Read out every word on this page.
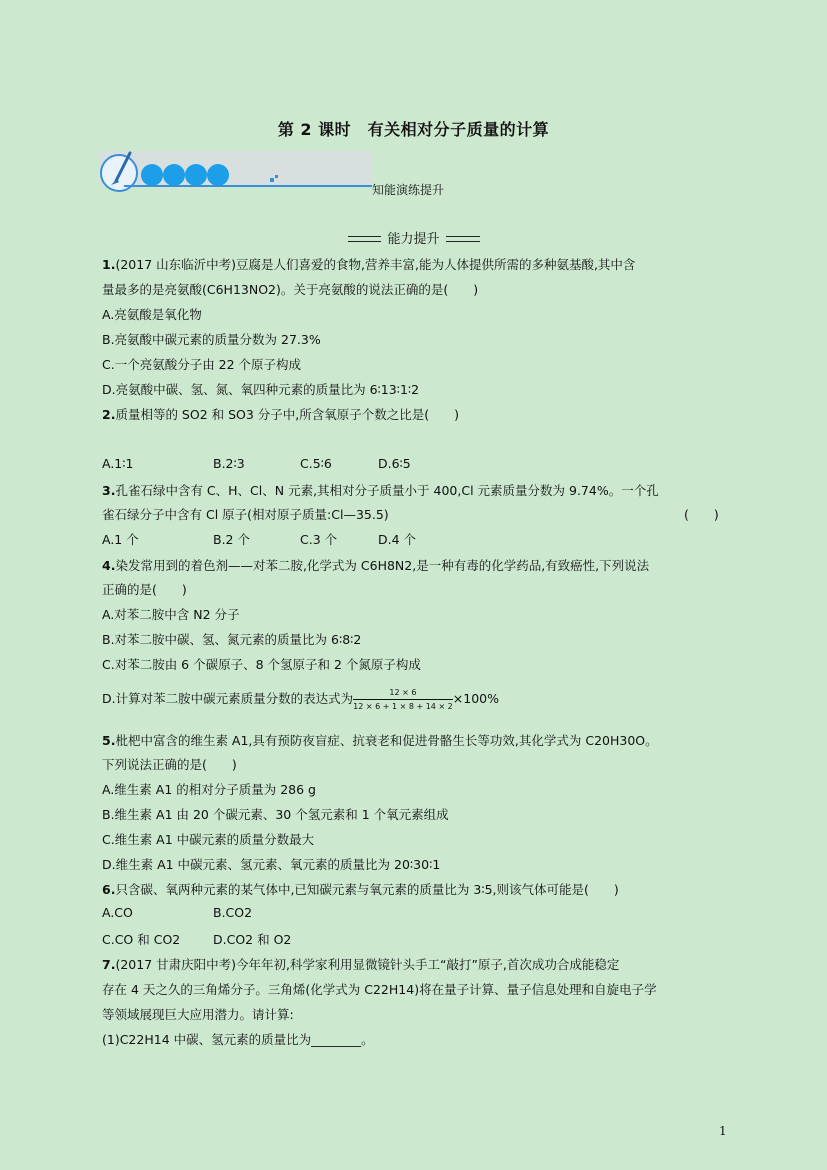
第 2 课时　有关相对分子质量的计算
知能演练提升
能力提升
1.(2017 山东临沂中考)豆腐是人们喜爱的食物,营养丰富,能为人体提供所需的多种氨基酸,其中含
量最多的是亮氨酸(C6H13NO2)。关于亮氨酸的说法正确的是(　　)
A.亮氨酸是氧化物
B.亮氨酸中碳元素的质量分数为 27.3%
C.一个亮氨酸分子由 22 个原子构成
D.亮氨酸中碳、氢、氮、氧四种元素的质量比为 6∶13∶1∶2
2.质量相等的 SO2 和 SO3 分子中,所含氧原子个数之比是(　　)
A.1∶1	B.2∶3	C.5∶6	D.6∶5
3.孔雀石绿中含有 C、H、Cl、N 元素,其相对分子质量小于 400,Cl 元素质量分数为 9.74%。一个孔
雀石绿分子中含有 Cl 原子(相对原子质量:Cl—35.5)	(　　)
A.1 个	B.2 个	C.3 个	D.4 个
4.染发常用到的着色剂——对苯二胺,化学式为 C6H8N2,是一种有毒的化学药品,有致癌性,下列说法
正确的是(　　)
A.对苯二胺中含 N2 分子
B.对苯二胺中碳、氢、氮元素的质量比为 6∶8∶2
C.对苯二胺由 6 个碳原子、8 个氢原子和 2 个氮原子构成
D.计算对苯二胺中碳元素质量分数的表达式为 $\frac{12 \times 6}{12 \times 6 + 1 \times 8 + 14 \times 2} \times 100\%$
5.枇杷中富含的维生素 A1,具有预防夜盲症、抗衰老和促进骨骼生长等功效,其化学式为 C20H30O。
下列说法正确的是(　　)
A.维生素 A1 的相对分子质量为 286 g
B.维生素 A1 由 20 个碳元素、30 个氢元素和 1 个氧元素组成
C.维生素 A1 中碳元素的质量分数最大
D.维生素 A1 中碳元素、氢元素、氧元素的质量比为 20∶30∶1
6.只含碳、氧两种元素的某气体中,已知碳元素与氧元素的质量比为 3∶5,则该气体可能是(　　)
A.CO	B.CO2
C.CO 和 CO2	D.CO2 和 O2
7.(2017 甘肃庆阳中考)今年年初,科学家利用显微镜针头手工“敲打”原子,首次成功合成能稳定
存在 4 天之久的三角烯分子。三角烯(化学式为 C22H14)将在量子计算、量子信息处理和自旋电子学
等领域展现巨大应用潜力。请计算:
(1)C22H14 中碳、氢元素的质量比为________。
1
